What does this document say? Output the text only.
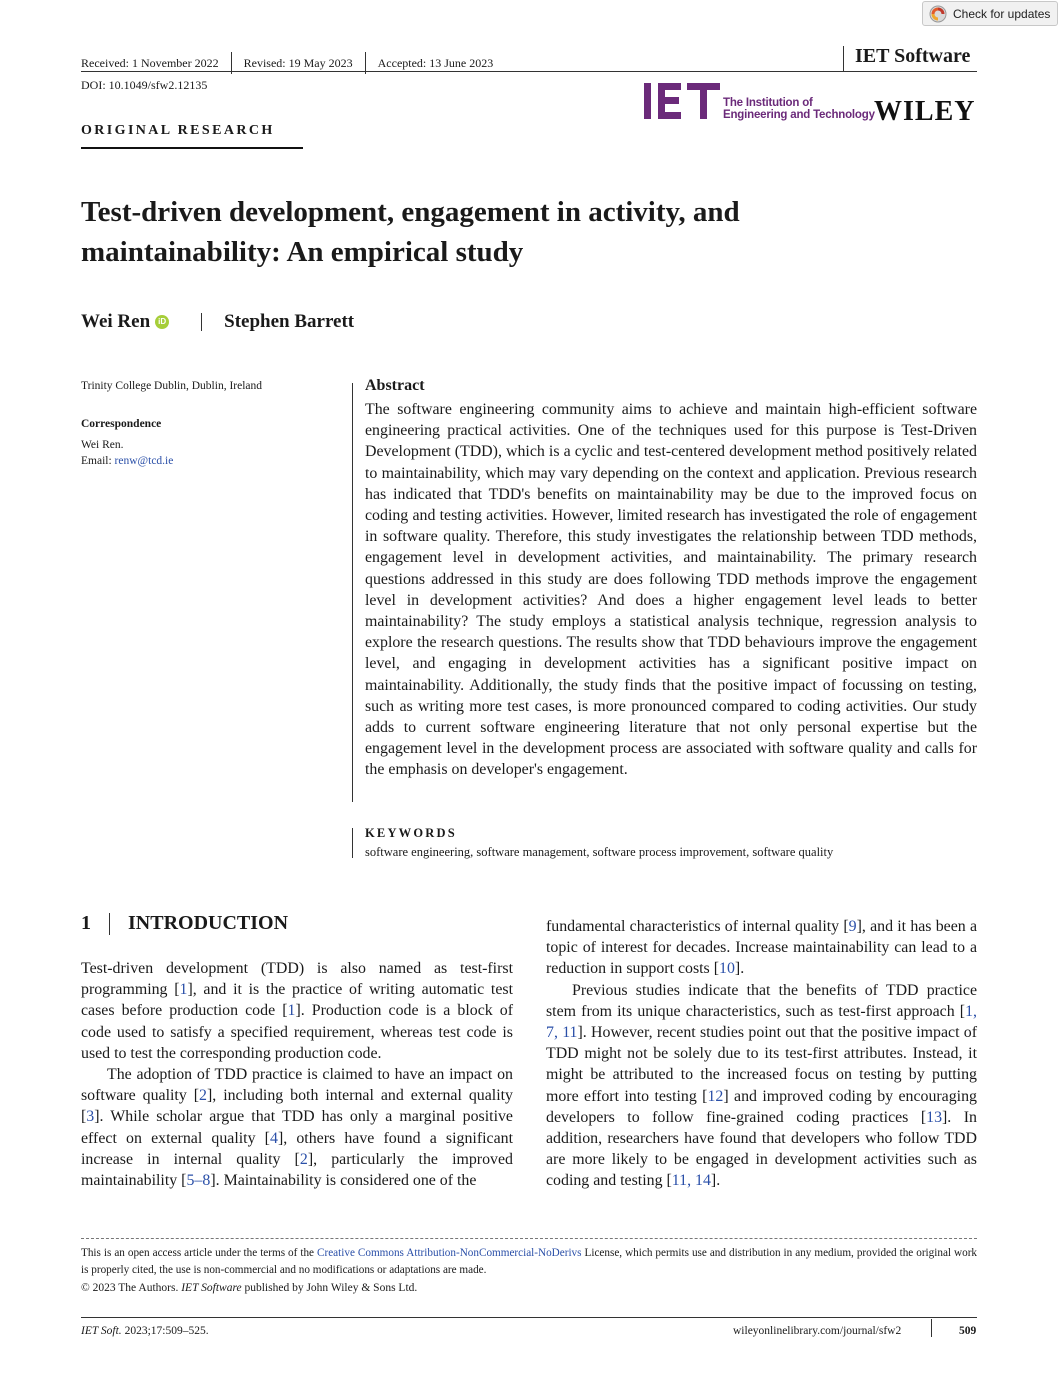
Check for updates
Received: 1 November 2022 Revised: 19 May 2023 Accepted: 13 June 2023	IET Software
DOI: 10.1049/sfw2.12135
The Institution of
Engineering and Technology WILEY
ORIGINAL RESEARCH
Test-driven development, engagement in activity, and maintainability: An empirical study
Wei Ren	iD	Stephen Barrett
Trinity College Dublin, Dublin, Ireland
Correspondence
Wei Ren.
Email: renw@tcd.ie
Abstract
The software engineering community aims to achieve and maintain high-efficient software engineering practical activities. One of the techniques used for this purpose is Test-Driven Development (TDD), which is a cyclic and test-centered development method positively related to maintainability, which may vary depending on the context and application. Previous research has indicated that TDD's benefits on maintainability may be due to the improved focus on coding and testing activities. However, limited research has investigated the role of engagement in software quality. Therefore, this study investigates the relationship between TDD methods, engagement level in development activities, and maintainability. The primary research questions addressed in this study are does following TDD methods improve the engagement level in development activities? And does a higher engagement level leads to better maintainability? The study employs a statistical analysis technique, regression analysis to explore the research questions. The results show that TDD behaviours improve the engagement level, and engaging in development activities has a significant positive impact on maintainability. Additionally, the study finds that the positive impact of focussing on testing, such as writing more test cases, is more pronounced compared to coding activities. Our study adds to current software engineering literature that not only personal expertise but the engagement level in the development process are associated with software quality and calls for the emphasis on developer's engagement.
KEYWORDS
software engineering, software management, software process improvement, software quality
1 INTRODUCTION

Test-driven development (TDD) is also named as test-first programming [1], and it is the practice of writing automatic test cases before production code [1]. Production code is a block of code used to satisfy a specified requirement, whereas test code is used to test the corresponding production code.

The adoption of TDD practice is claimed to have an impact on software quality [2], including both internal and external quality [3]. While scholar argue that TDD has only a marginal positive effect on external quality [4], others have found a significant increase in internal quality [2], particularly the improved maintainability [5–8]. Maintainability is considered one of the

fundamental characteristics of internal quality [9], and it has been a topic of interest for decades. Increase maintainability can lead to a reduction in support costs [10].

Previous studies indicate that the benefits of TDD practice stem from its unique characteristics, such as test-first approach [1, 7, 11]. However, recent studies point out that the positive impact of TDD might not be solely due to its test-first attributes. Instead, it might be attributed to the increased focus on testing by putting more effort into testing [12] and improved coding by encouraging developers to follow fine-grained coding practices [13]. In addition, researchers have found that developers who follow TDD are more likely to be engaged in development activities such as coding and testing [11, 14].

This is an open access article under the terms of the Creative Commons Attribution-NonCommercial-NoDerivs License, which permits use and distribution in any medium, provided the original work is properly cited, the use is non-commercial and no modifications or adaptations are made.
© 2023 The Authors. IET Software published by John Wiley & Sons Ltd.
IET Soft. 2023;17:509–525.	wileyonlinelibrary.com/journal/sfw2	509
